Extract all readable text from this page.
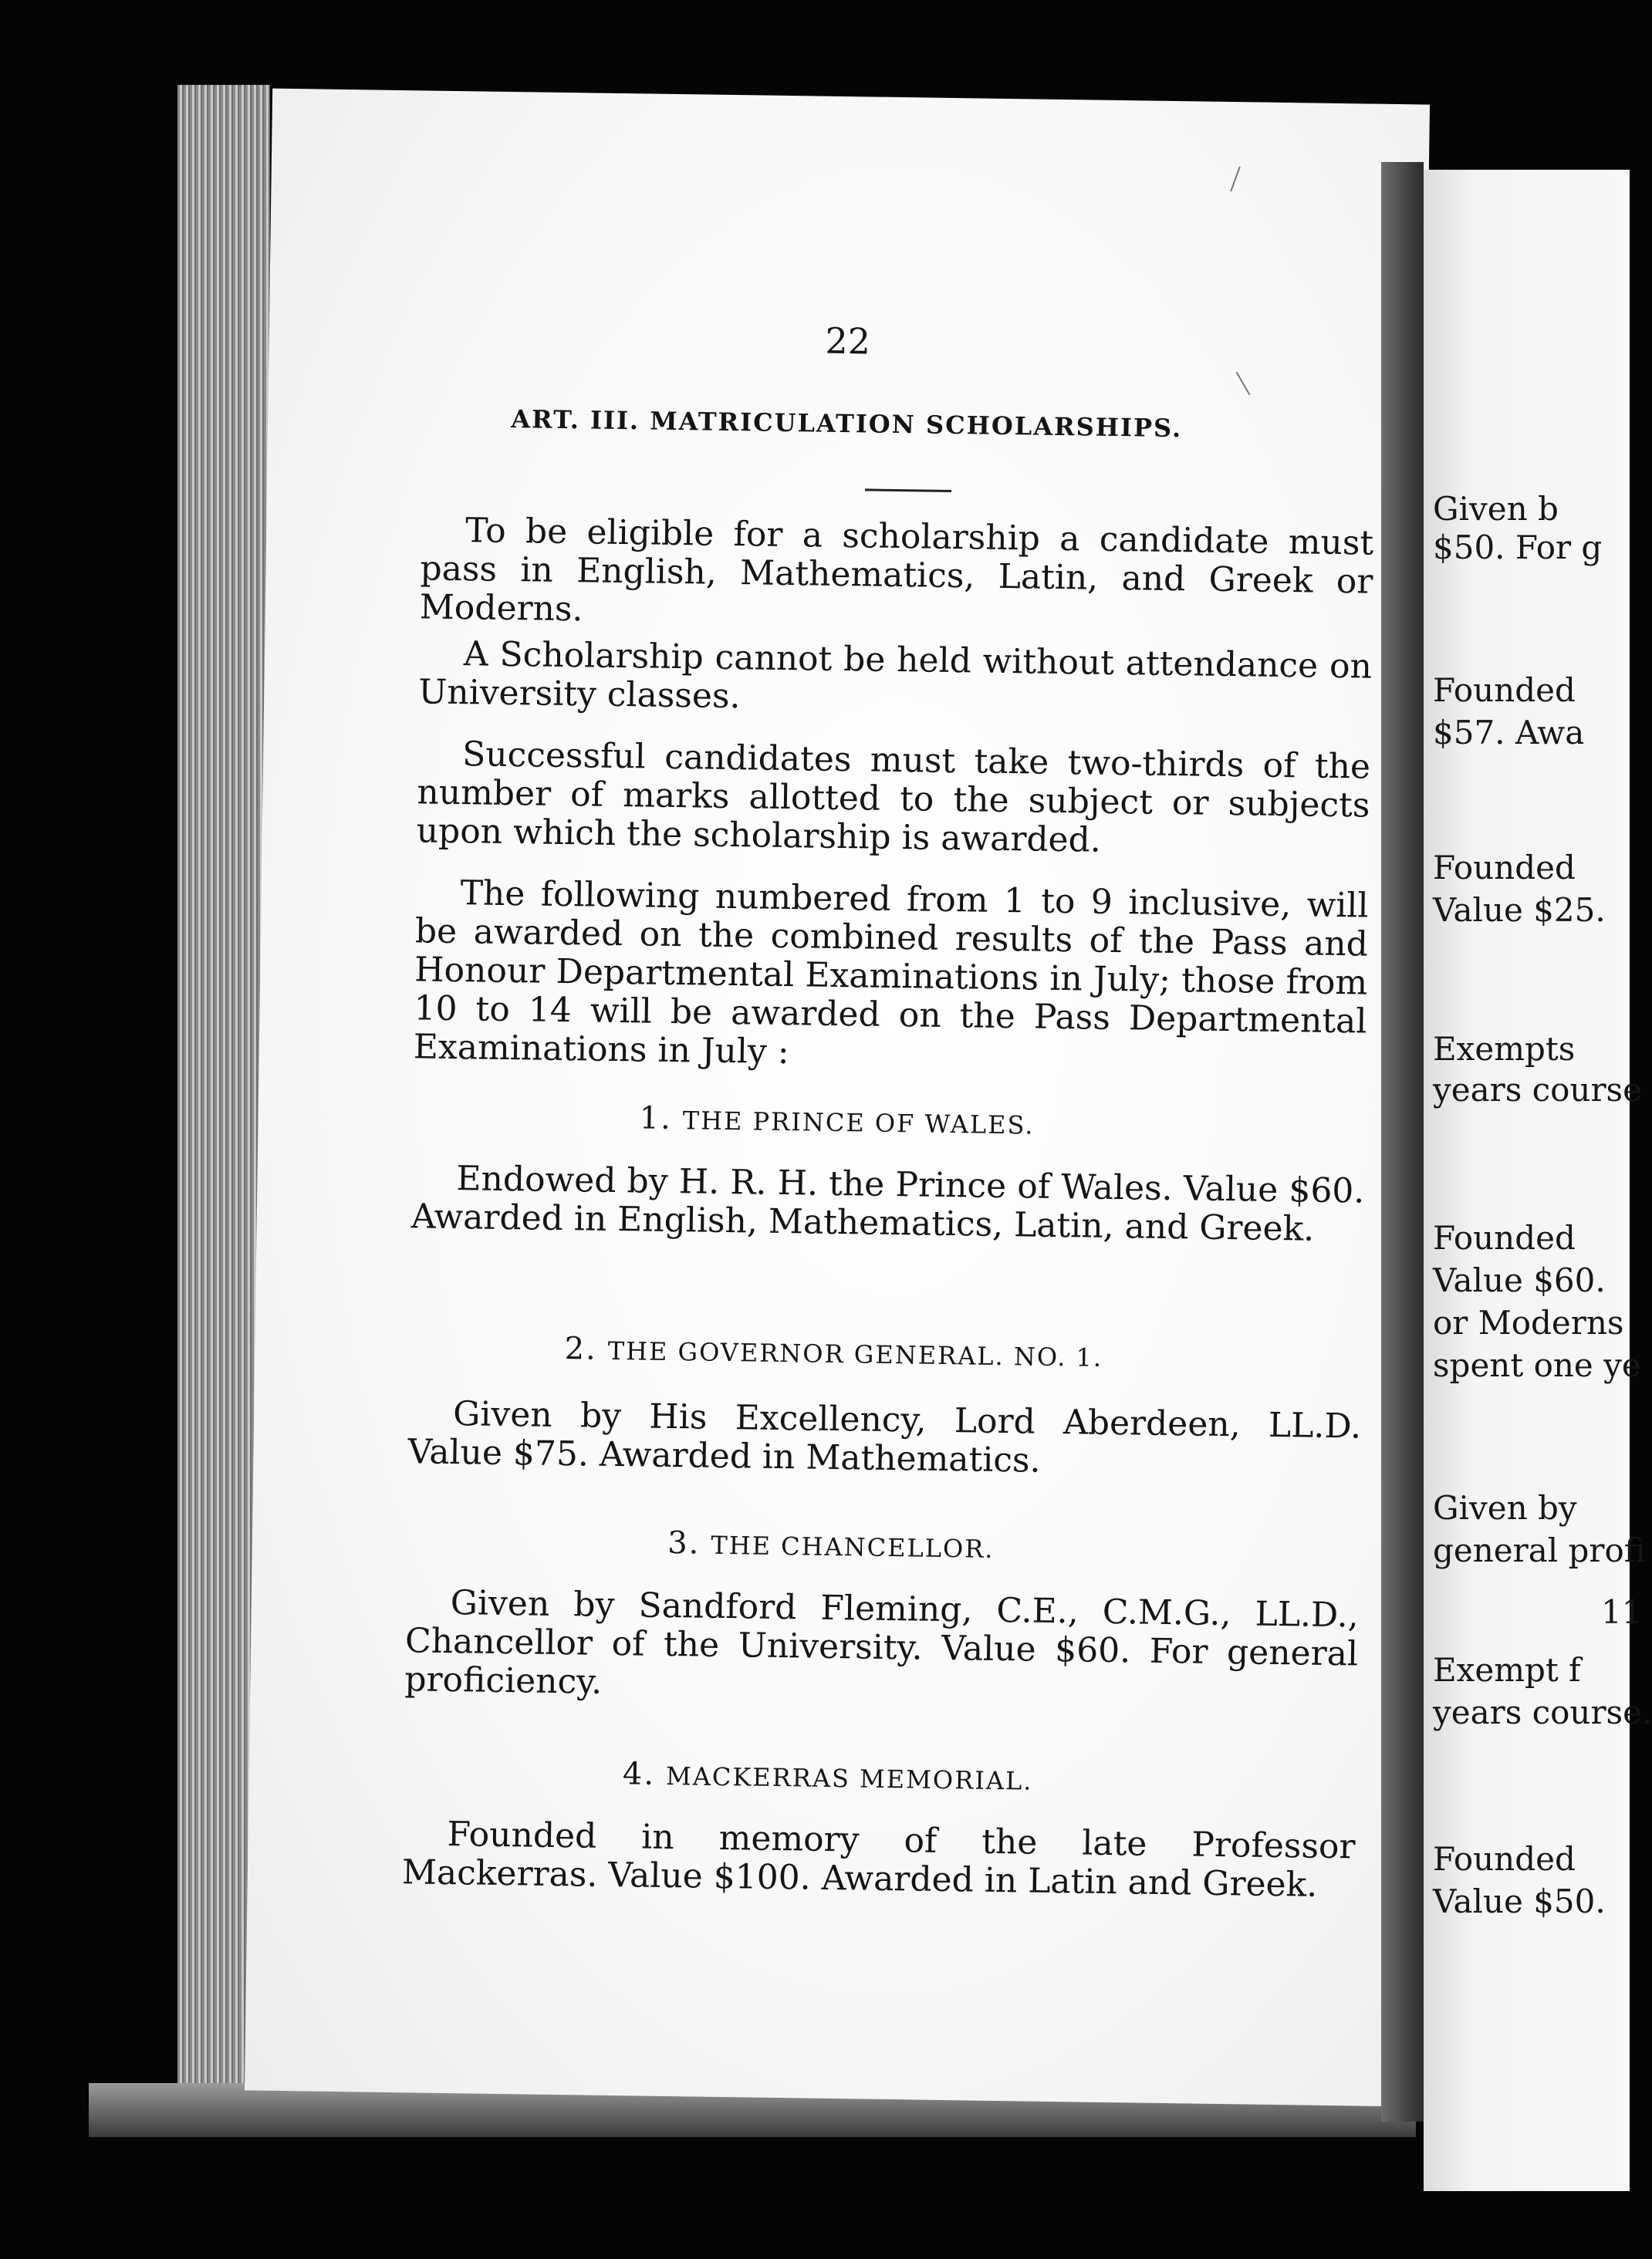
22
ART. III. MATRICULATION SCHOLARSHIPS.

To be eligible for a scholarship a candidate must pass in English, Mathematics, Latin, and Greek or Moderns.

A Scholarship cannot be held without attendance on University classes.

Successful candidates must take two-thirds of the number of marks allotted to the subject or subjects upon which the scholarship is awarded.

The following numbered from 1 to 9 inclusive, will be awarded on the combined results of the Pass and Honour Departmental Examinations in July; those from 10 to 14 will be awarded on the Pass Departmental Examinations in July :

1. THE PRINCE OF WALES.

Endowed by H. R. H. the Prince of Wales. Value $60. Awarded in English, Mathematics, Latin, and Greek.

2. THE GOVERNOR GENERAL. NO. 1.

Given by His Excellency, Lord Aberdeen, LL.D. Value $75. Awarded in Mathematics.

3. THE CHANCELLOR.

Given by Sandford Fleming, C.E., C.M.G., LL.D., Chancellor of the University. Value $60. For general proficiency.

4. MACKERRAS MEMORIAL.

Founded in memory of the late Professor Mackerras. Value $100. Awarded in Latin and Greek.

Given b
$50. For g
Founded
$57. Awa
Founded
Value $25.
Exempts
years course
Founded
Value $60.
or Moderns
spent one ye
Given by
general profi
11
Exempt f
years course.
Founded
Value $50.
